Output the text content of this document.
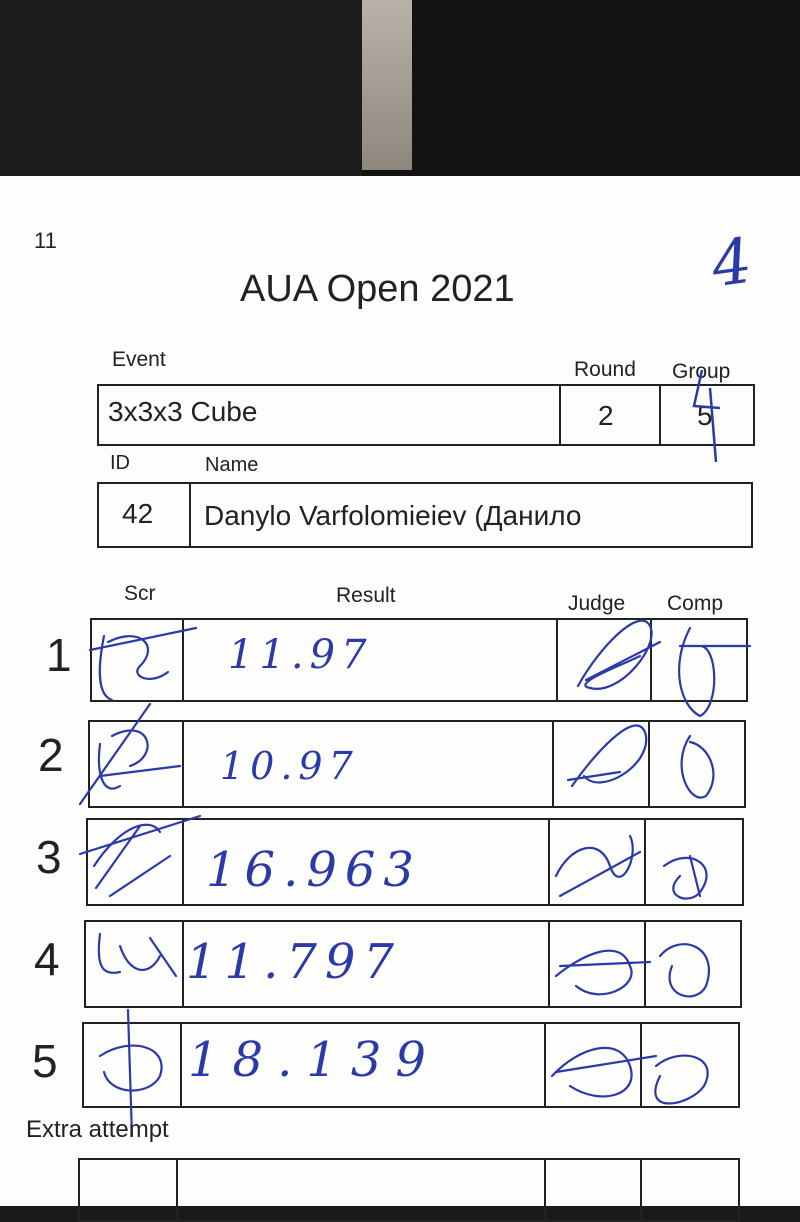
11
AUA Open 2021	4
Event	Round Group
3x3x3 Cube	2	5
ID	Name
42 Danylo Varfolomieiev (Данило
Scr	Result	Judge Comp
1	11.97
2	10.97
3	16.963
4	11.797
5	18.139
Extra attempt
